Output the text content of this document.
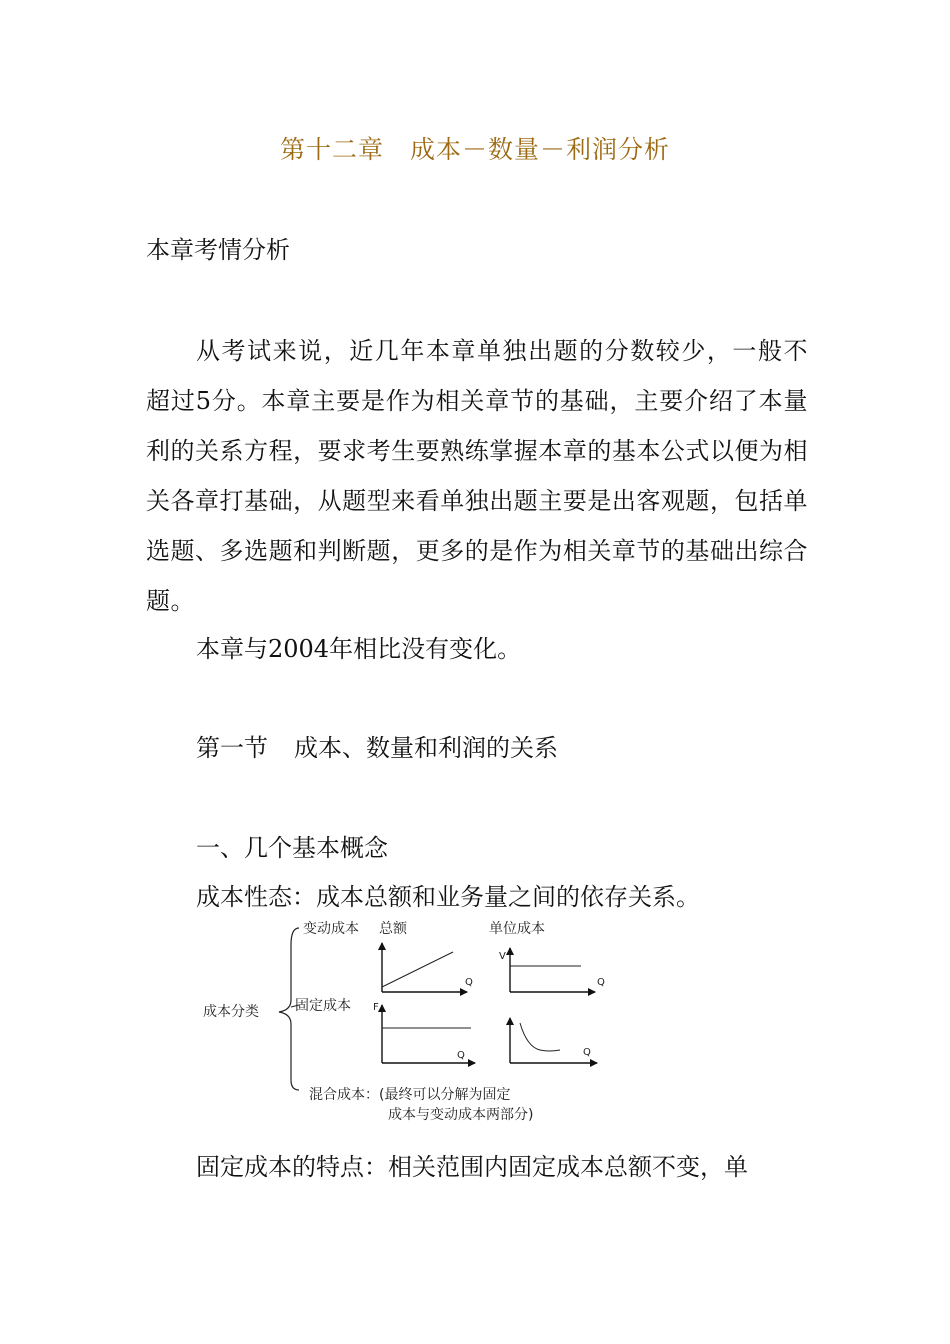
第十二章 成本－数量－利润分析
本章考情分析
从考试来说，近几年本章单独出题的分数较少，一般不超过5分。本章主要是作为相关章节的基础，主要介绍了本量利的关系方程，要求考生要熟练掌握本章的基本公式以便为相关各章打基础，从题型来看单独出题主要是出客观题，包括单选题、多选题和判断题，更多的是作为相关章节的基础出综合题。
本章与2004年相比没有变化。
第一节 成本、数量和利润的关系
一、几个基本概念
成本性态：成本总额和业务量之间的依存关系。
成本分类
变动成本 总额	单位成本
固定成本
混合成本：(最终可以分解为固定
成本与变动成本两部分)
Q
V
Q
F
Q	Q
固定成本的特点：相关范围内固定成本总额不变，单
